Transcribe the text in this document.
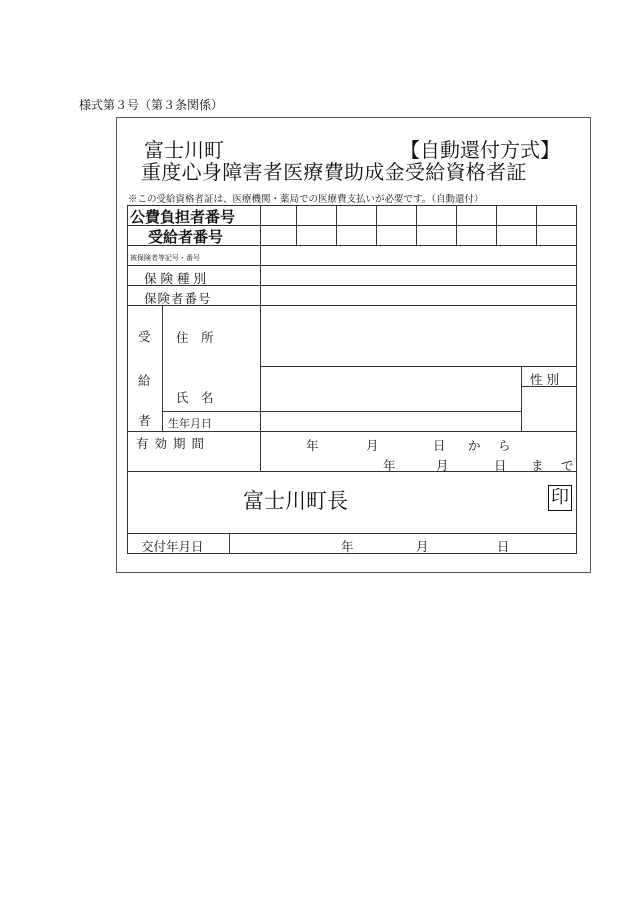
様式第３号（第３条関係）
富士川町	【自動還付方式】
重度心身障害者医療費助成金受給資格者証
※この受給資格者証は、医療機関・薬局での医療費支払いが必要です。（自動還付）
公費負担者番号
受給者番号
被保険者等記号・番号
保険種別
保険者番号
受
給
者
住　所
氏　名
生年月日
性 別
有効期間	年	月	日 か ら
年	月	日 ま で
富士川町長	印
交付年月日	年	月	日
